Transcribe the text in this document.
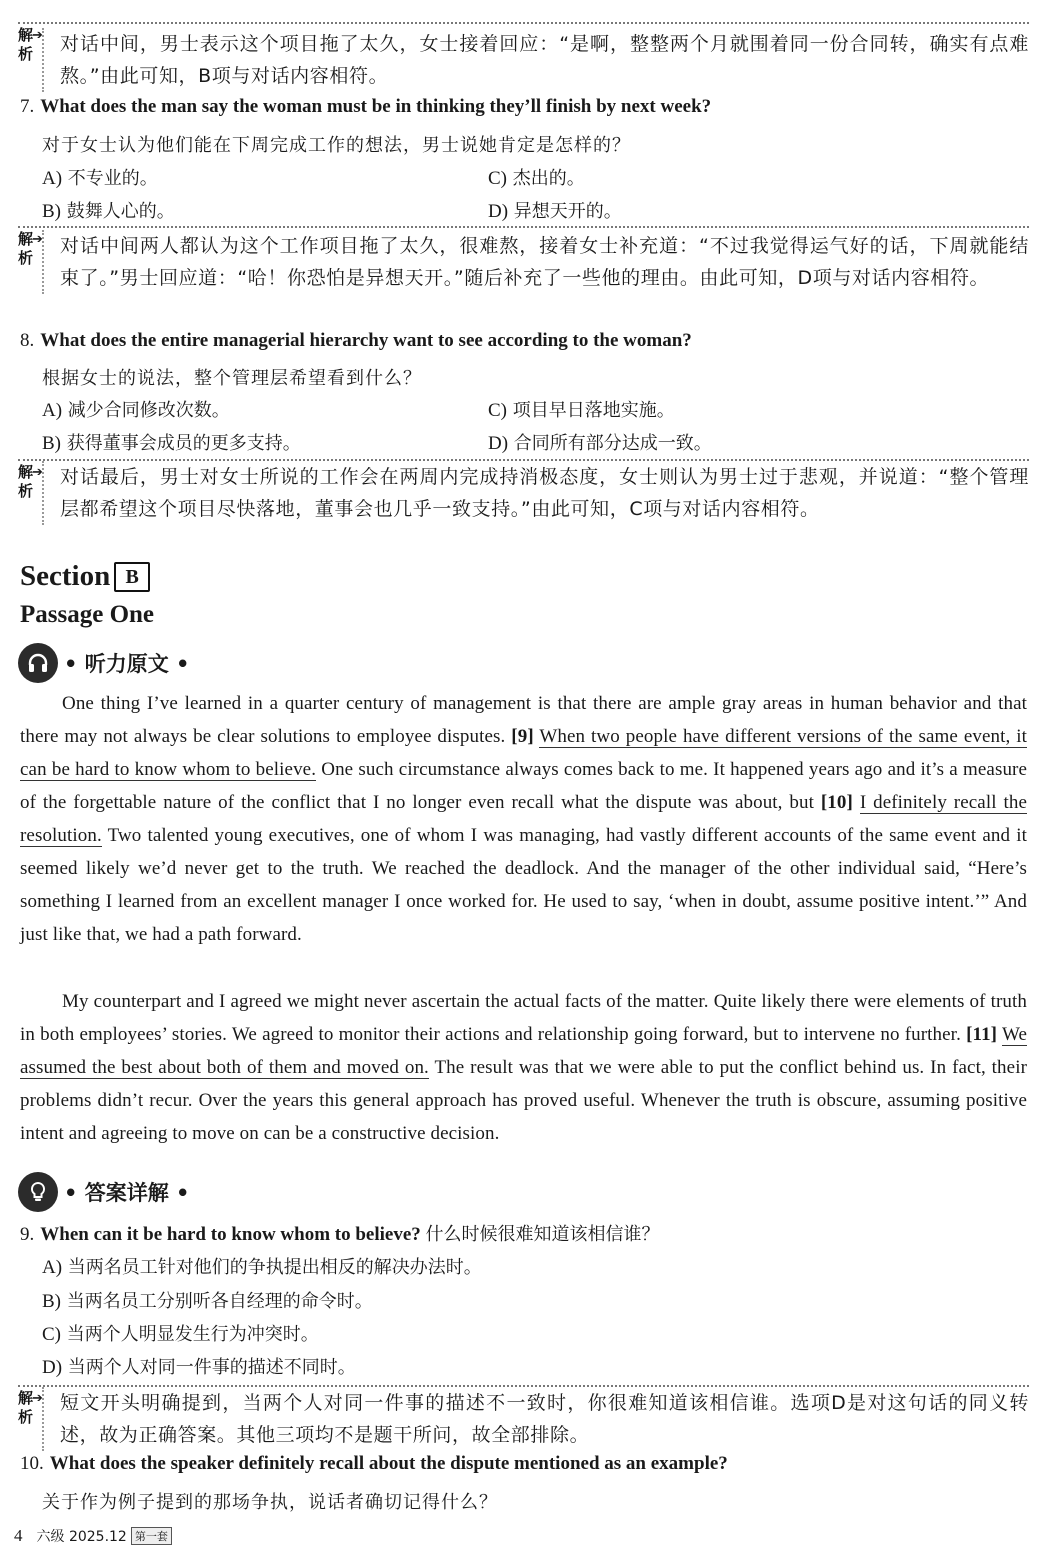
解析
➔ 对话中间，男士表示这个项目拖了太久，女士接着回应：“是啊，整整两个月就围着同一份合同转，确实有点难熬。”由此可知，B项与对话内容相符。
7. What does the man say the woman must be in thinking they’ll finish by next week?
对于女士认为他们能在下周完成工作的想法，男士说她肯定是怎样的？
A) 不专业的。	C) 杰出的。
B) 鼓舞人心的。	D) 异想天开的。
解析
➔ 对话中间两人都认为这个工作项目拖了太久，很难熬，接着女士补充道：“不过我觉得运气好的话，下周就能结束了。”男士回应道：“哈！你恐怕是异想天开。”随后补充了一些他的理由。由此可知，D项与对话内容相符。
8. What does the entire managerial hierarchy want to see according to the woman?
根据女士的说法，整个管理层希望看到什么？
A) 减少合同修改次数。	C) 项目早日落地实施。
B) 获得董事会成员的更多支持。	D) 合同所有部分达成一致。
解析
➔ 对话最后，男士对女士所说的工作会在两周内完成持消极态度，女士则认为男士过于悲观，并说道：“整个管理层都希望这个项目尽快落地，董事会也几乎一致支持。”由此可知，C项与对话内容相符。
Section B
Passage One
• 听力原文 •
One thing I’ve learned in a quarter century of management is that there are ample gray areas in human behavior and that there may not always be clear solutions to employee disputes. [9] When two people have different versions of the same event, it can be hard to know whom to believe. One such circumstance always comes back to me. It happened years ago and it’s a measure of the forgettable nature of the conflict that I no longer even recall what the dispute was about, but [10] I definitely recall the resolution. Two talented young executives, one of whom I was managing, had vastly different accounts of the same event and it seemed likely we’d never get to the truth. We reached the deadlock. And the manager of the other individual said, “Here’s something I learned from an excellent manager I once worked for. He used to say, ‘when in doubt, assume positive intent.’” And just like that, we had a path forward.
My counterpart and I agreed we might never ascertain the actual facts of the matter. Quite likely there were elements of truth in both employees’ stories. We agreed to monitor their actions and relationship going forward, but to intervene no further. [11] We assumed the best about both of them and moved on. The result was that we were able to put the conflict behind us. In fact, their problems didn’t recur. Over the years this general approach has proved useful. Whenever the truth is obscure, assuming positive intent and agreeing to move on can be a constructive decision.
• 答案详解 •
9. When can it be hard to know whom to believe? 什么时候很难知道该相信谁？
A) 当两名员工针对他们的争执提出相反的解决办法时。
B) 当两名员工分别听各自经理的命令时。
C) 当两个人明显发生行为冲突时。
D) 当两个人对同一件事的描述不同时。
解析
➔ 短文开头明确提到，当两个人对同一件事的描述不一致时，你很难知道该相信谁。选项D是对这句话的同义转述，故为正确答案。其他三项均不是题干所问，故全部排除。
10. What does the speaker definitely recall about the dispute mentioned as an example?
关于作为例子提到的那场争执，说话者确切记得什么？
4 六级 2025.12 第一套
